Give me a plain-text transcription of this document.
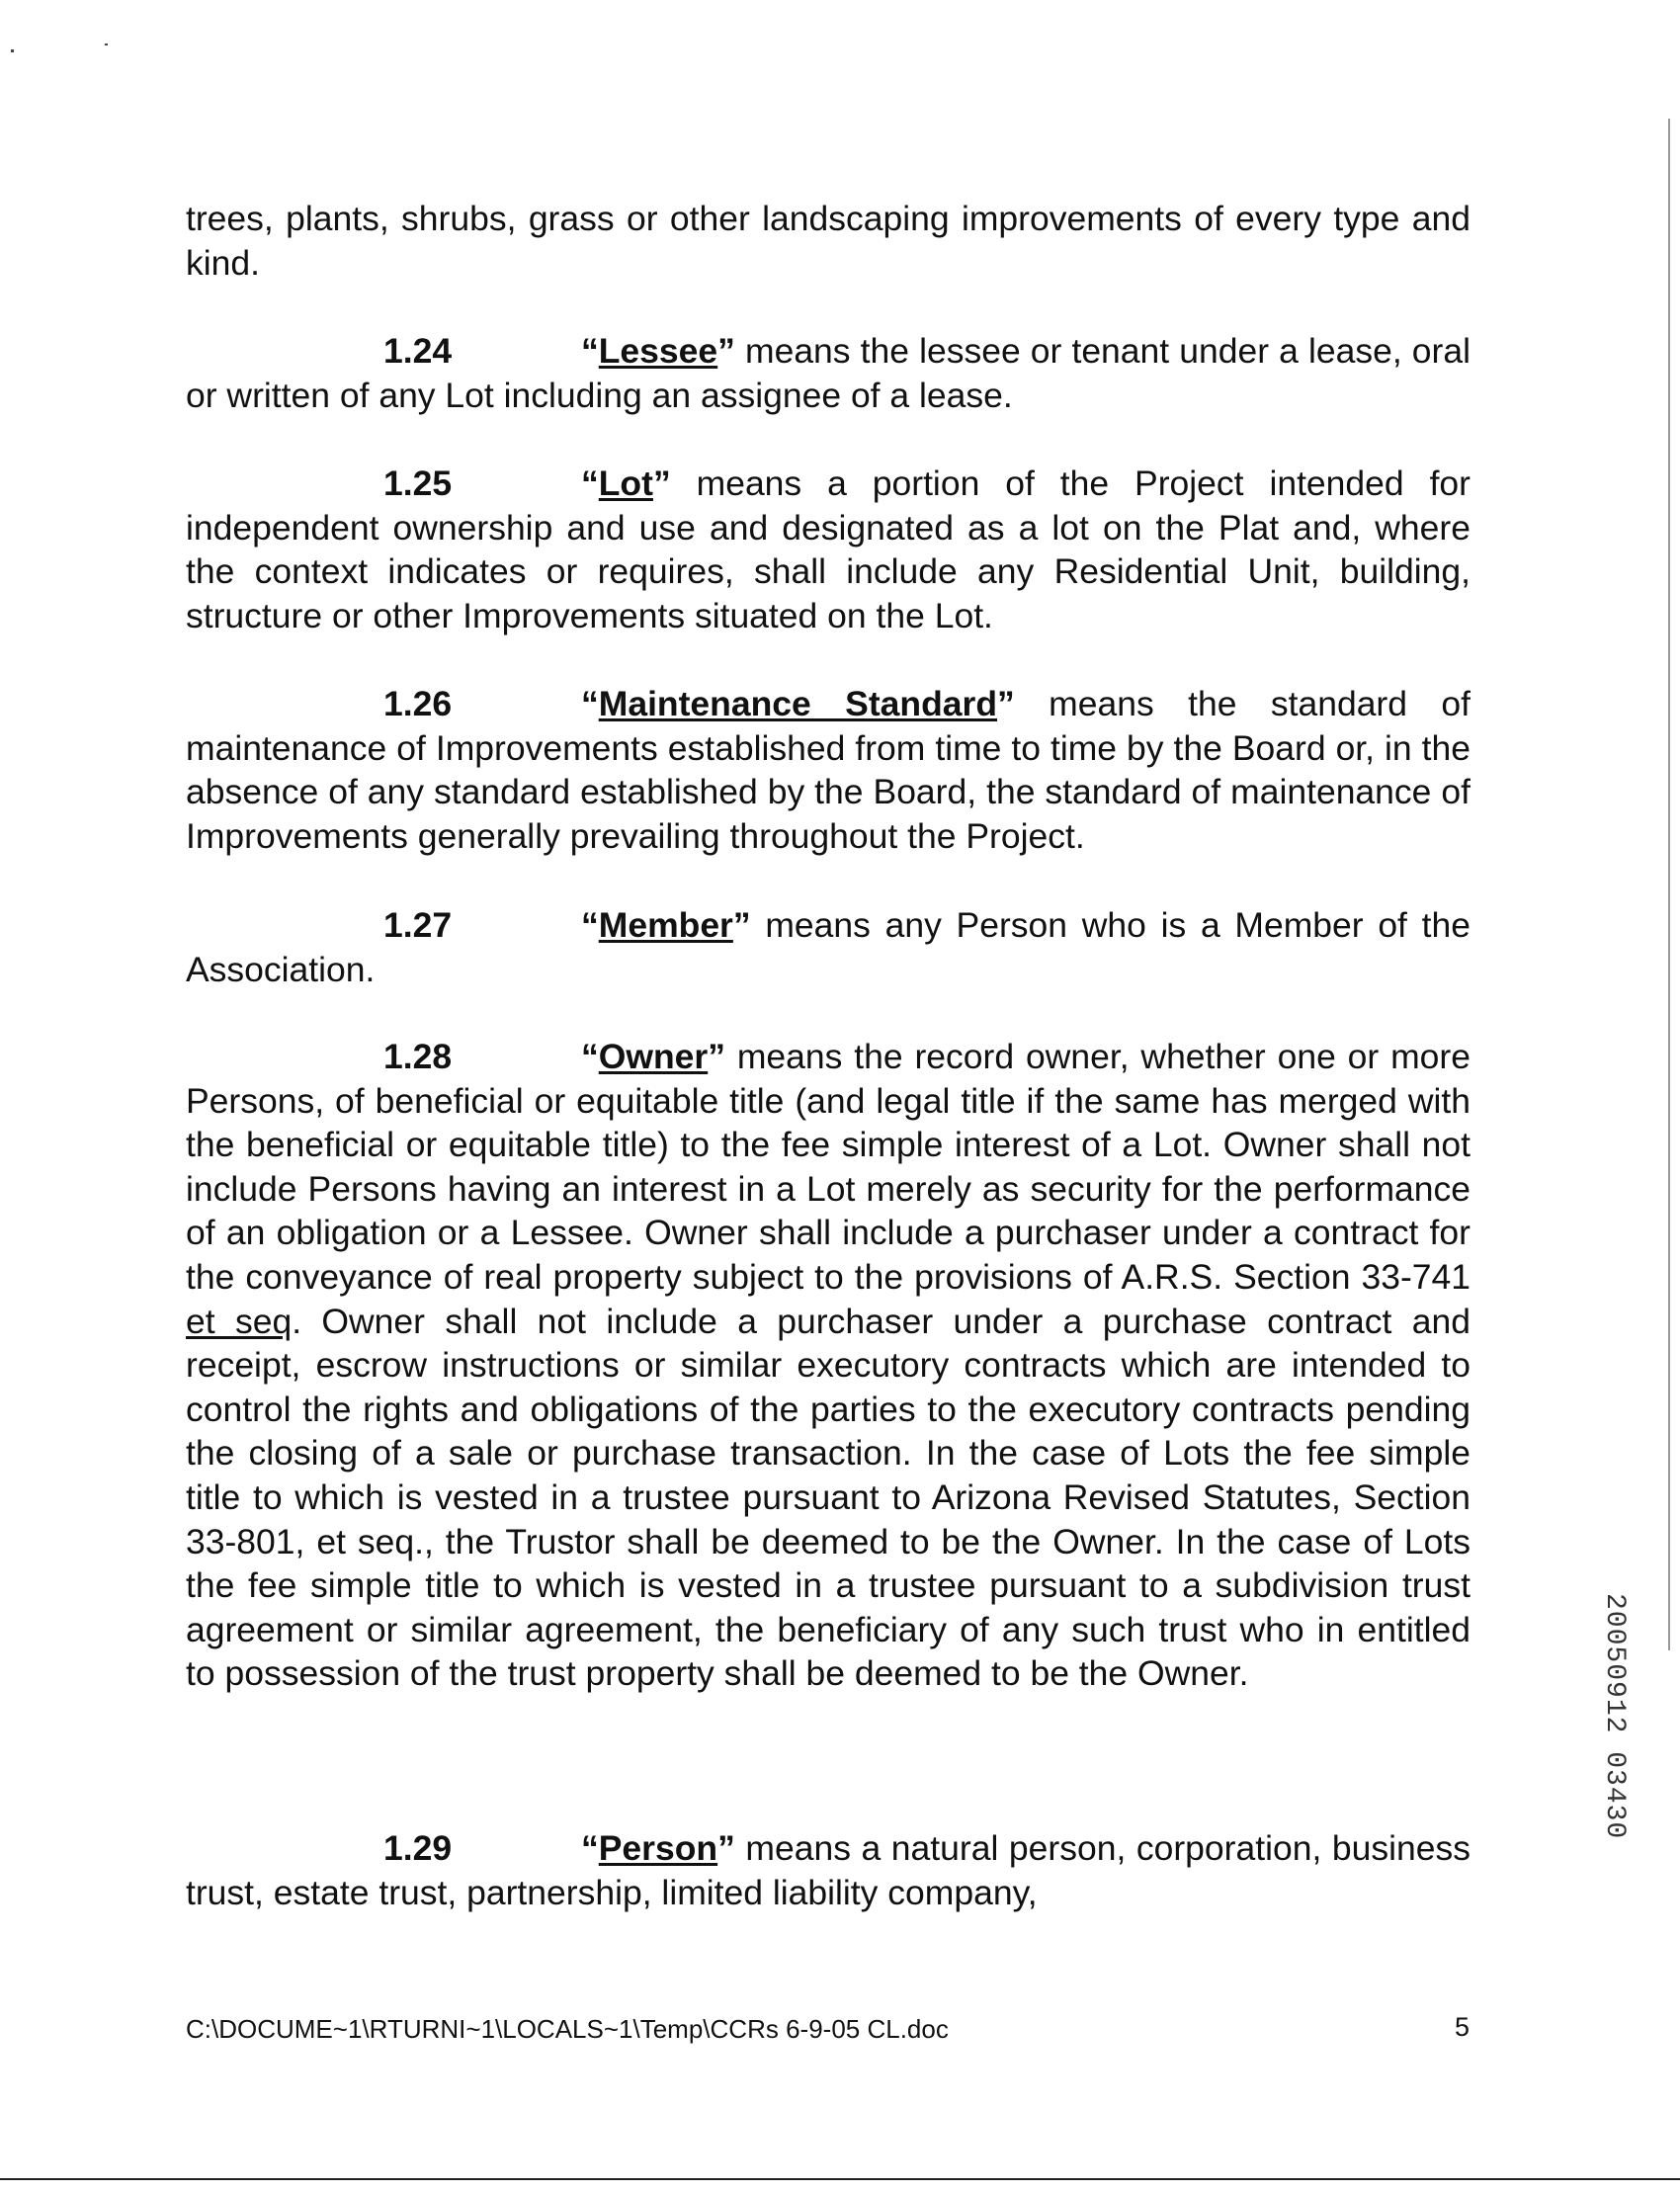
trees, plants, shrubs, grass or other landscaping improvements of every type and kind.

1.24	“Lessee” means the lessee or tenant under a lease, oral or written of any Lot including an assignee of a lease.

1.25	“Lot” means a portion of the Project intended for independent ownership and use and designated as a lot on the Plat and, where the context indicates or requires, shall include any Residential Unit, building, structure or other Improvements situated on the Lot.

1.26	“Maintenance Standard” means the standard of maintenance of Improvements established from time to time by the Board or, in the absence of any standard established by the Board, the standard of maintenance of Improvements generally prevailing throughout the Project.

1.27	“Member” means any Person who is a Member of the Association.

1.28	“Owner” means the record owner, whether one or more Persons, of beneficial or equitable title (and legal title if the same has merged with the beneficial or equitable title) to the fee simple interest of a Lot. Owner shall not include Persons having an interest in a Lot merely as security for the performance of an obligation or a Lessee. Owner shall include a purchaser under a contract for the conveyance of real property subject to the provisions of A.R.S. Section 33-741 et seq. Owner shall not include a purchaser under a purchase contract and receipt, escrow instructions or similar executory contracts which are intended to control the rights and obligations of the parties to the executory contracts pending the closing of a sale or purchase transaction. In the case of Lots the fee simple title to which is vested in a trustee pursuant to Arizona Revised Statutes, Section 33-801, et seq., the Trustor shall be deemed to be the Owner. In the case of Lots the fee simple title to which is vested in a trustee pursuant to a subdivision trust agreement or similar agreement, the beneficiary of any such trust who in entitled to possession of the trust property shall be deemed to be the Owner.

1.29	“Person” means a natural person, corporation, business trust, estate trust, partnership, limited liability company,

C:\DOCUME~1\RTURNI~1\LOCALS~1\Temp\CCRs 6-9-05 CL.doc	5
20050912 03430
